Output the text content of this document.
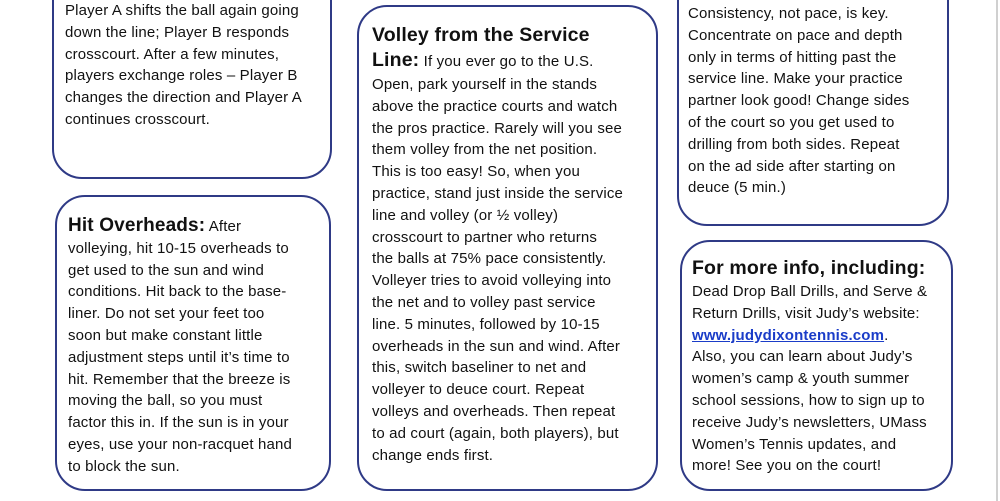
Player A shifts the ball again going
down the line; Player B responds
crosscourt. After a few minutes,
players exchange roles – Player B
changes the direction and Player A
continues crosscourt.
Hit Overheads: After
volleying, hit 10-15 overheads to
get used to the sun and wind
conditions. Hit back to the base-
liner. Do not set your feet too
soon but make constant little
adjustment steps until it’s time to
hit. Remember that the breeze is
moving the ball, so you must
factor this in. If the sun is in your
eyes, use your non-racquet hand
to block the sun.
Volley from the Service
Line: If you ever go to the U.S.
Open, park yourself in the stands
above the practice courts and watch
the pros practice. Rarely will you see
them volley from the net position.
This is too easy! So, when you
practice, stand just inside the service
line and volley (or ½ volley)
crosscourt to partner who returns
the balls at 75% pace consistently.
Volleyer tries to avoid volleying into
the net and to volley past service
line. 5 minutes, followed by 10-15
overheads in the sun and wind. After
this, switch baseliner to net and
volleyer to deuce court. Repeat
volleys and overheads. Then repeat
to ad court (again, both players), but
change ends first.
Consistency, not pace, is key.
Concentrate on pace and depth
only in terms of hitting past the
service line. Make your practice
partner look good! Change sides
of the court so you get used to
drilling from both sides. Repeat
on the ad side after starting on
deuce (5 min.)
For more info, including:
Dead Drop Ball Drills, and Serve &
Return Drills, visit Judy’s website:
www.judydixontennis.com.
Also, you can learn about Judy’s
women’s camp & youth summer
school sessions, how to sign up to
receive Judy’s newsletters, UMass
Women’s Tennis updates, and
more! See you on the court!
